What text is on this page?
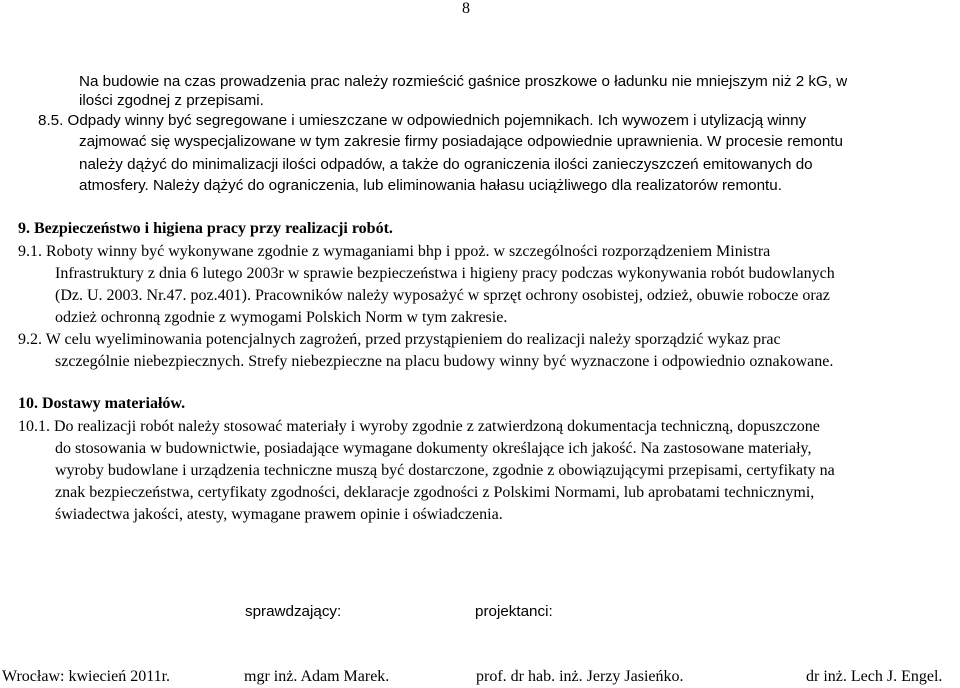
8
Na budowie na czas prowadzenia prac należy rozmieścić gaśnice proszkowe o ładunku nie mniejszym niż 2 kG, w
ilości zgodnej z przepisami.
8.5. Odpady winny być segregowane i umieszczane w odpowiednich pojemnikach. Ich wywozem i utylizacją winny
zajmować się wyspecjalizowane w tym zakresie firmy posiadające odpowiednie uprawnienia. W procesie remontu
należy dążyć do minimalizacji ilości odpadów, a także do ograniczenia ilości zanieczyszczeń emitowanych do
atmosfery. Należy dążyć do ograniczenia, lub eliminowania hałasu uciążliwego dla realizatorów remontu.
9. Bezpieczeństwo i higiena pracy przy realizacji robót.
9.1. Roboty winny być wykonywane zgodnie z wymaganiami bhp i ppoż. w szczególności rozporządzeniem Ministra
Infrastruktury z dnia 6 lutego 2003r w sprawie bezpieczeństwa i higieny pracy podczas wykonywania robót budowlanych
(Dz. U. 2003. Nr.47. poz.401). Pracowników należy wyposażyć w sprzęt ochrony osobistej, odzież, obuwie robocze oraz
odzież ochronną zgodnie z wymogami Polskich Norm w tym zakresie.
9.2. W celu wyeliminowania potencjalnych zagrożeń, przed przystąpieniem do realizacji należy sporządzić wykaz prac
szczególnie niebezpiecznych. Strefy niebezpieczne na placu budowy winny być wyznaczone i odpowiednio oznakowane.
10. Dostawy materiałów.
10.1. Do realizacji robót należy stosować materiały i wyroby zgodnie z zatwierdzoną dokumentacja techniczną, dopuszczone
do stosowania w budownictwie, posiadające wymagane dokumenty określające ich jakość. Na zastosowane materiały,
wyroby budowlane i urządzenia techniczne muszą być dostarczone, zgodnie z obowiązującymi przepisami, certyfikaty na
znak bezpieczeństwa, certyfikaty zgodności, deklaracje zgodności z Polskimi Normami, lub aprobatami technicznymi,
świadectwa jakości, atesty, wymagane prawem opinie i oświadczenia.
sprawdzający:	projektanci:
Wrocław: kwiecień 2011r.	mgr inż. Adam Marek.	prof. dr hab. inż. Jerzy Jasieńko.	dr inż. Lech J. Engel.
